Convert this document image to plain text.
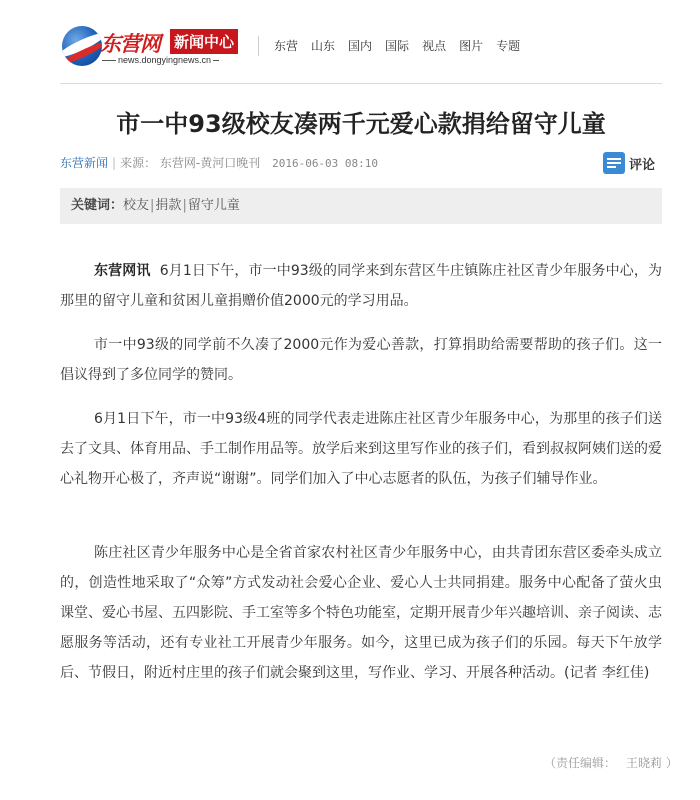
东营网 新闻中心
news.dongyingnews.cn
东营 山东 国内 国际 视点 图片 专题
市一中93级校友凑两千元爱心款捐给留守儿童
东营新闻 | 来源： 东营网-黄河口晚刊 2016-06-03 08:10	评论
关键词：校友|捐款|留守儿童

东营网讯 6月1日下午，市一中93级的同学来到东营区牛庄镇陈庄社区青少年服务中心，为那里的留守儿童和贫困儿童捐赠价值2000元的学习用品。

市一中93级的同学前不久凑了2000元作为爱心善款，打算捐助给需要帮助的孩子们。这一倡议得到了多位同学的赞同。

6月1日下午，市一中93级4班的同学代表走进陈庄社区青少年服务中心，为那里的孩子们送去了文具、体育用品、手工制作用品等。放学后来到这里写作业的孩子们，看到叔叔阿姨们送的爱心礼物开心极了，齐声说“谢谢”。同学们加入了中心志愿者的队伍，为孩子们辅导作业。

陈庄社区青少年服务中心是全省首家农村社区青少年服务中心，由共青团东营区委牵头成立的，创造性地采取了“众筹”方式发动社会爱心企业、爱心人士共同捐建。服务中心配备了萤火虫课堂、爱心书屋、五四影院、手工室等多个特色功能室，定期开展青少年兴趣培训、亲子阅读、志愿服务等活动，还有专业社工开展青少年服务。如今，这里已成为孩子们的乐园。每天下午放学后、节假日，附近村庄里的孩子们就会聚到这里，写作业、学习、开展各种活动。(记者 李红佳)

（责任编辑： 王晓莉 ）
